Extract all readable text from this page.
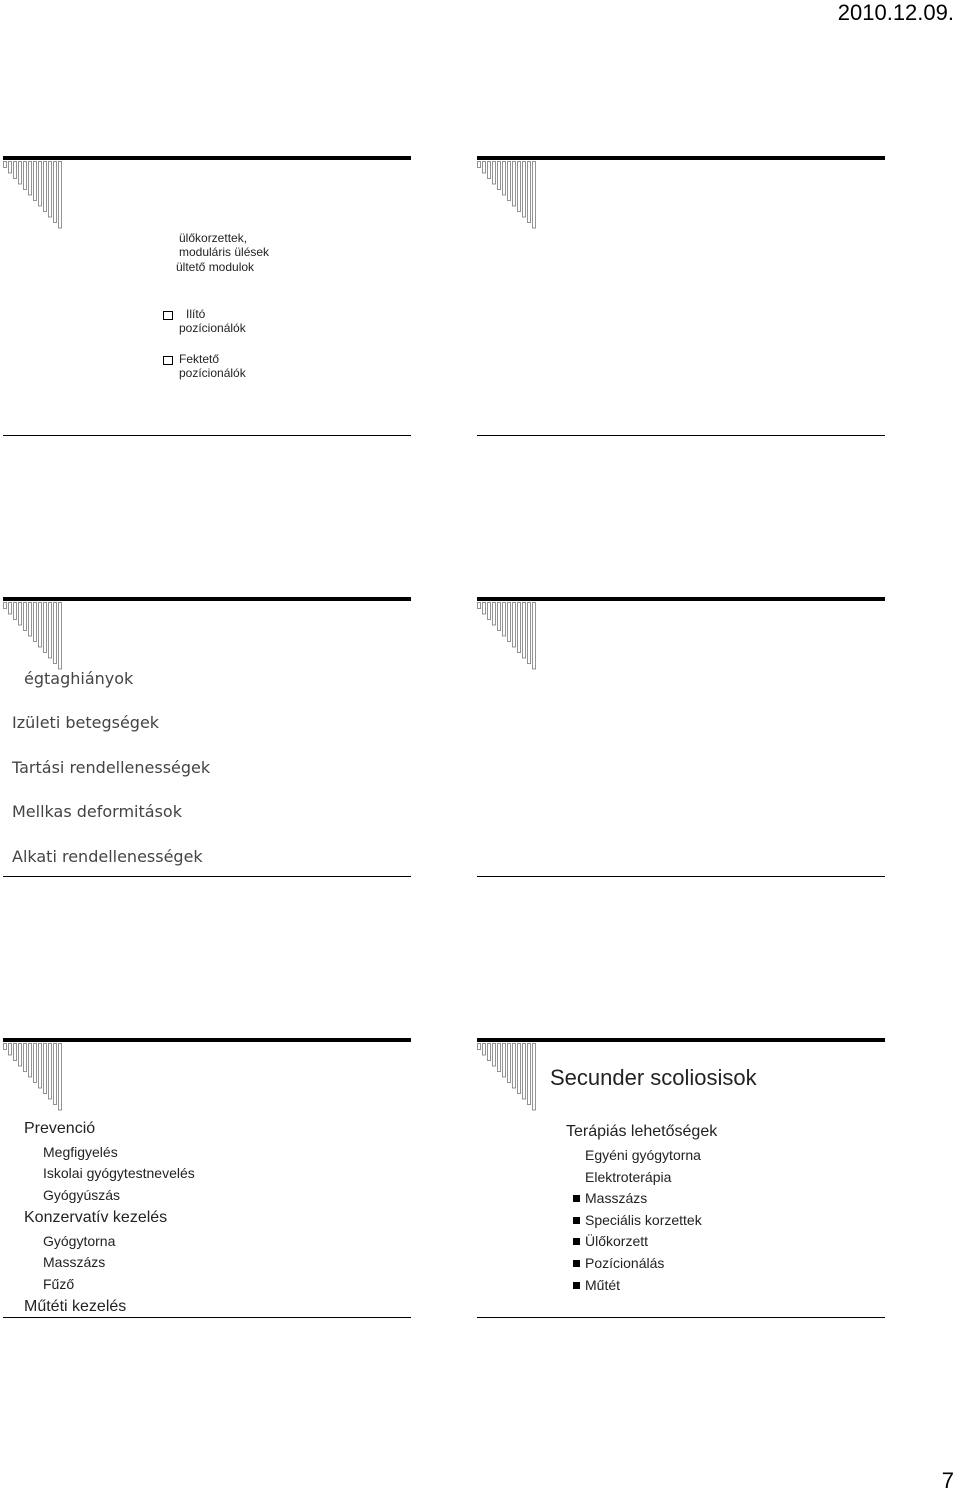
2010.12.09.
ülőkorzettek,
moduláris ülések
ültető modulok
Ilító
pozícionálók
Fektető
pozícionálók
égtaghiányok
Izületi betegségek
Tartási rendellenességek
Mellkas deformitások
Alkati rendellenességek
Prevenció
Megfigyelés
Iskolai gyógytestnevelés
Gyógyúszás
Konzervatív kezelés
Gyógytorna
Masszázs
Fűző
Műtéti kezelés
Secunder scoliosisok
Terápiás lehetőségek
Egyéni gyógytorna
Elektroterápia
Masszázs
Speciális korzettek
Ülőkorzett
Pozícionálás
Műtét
7
